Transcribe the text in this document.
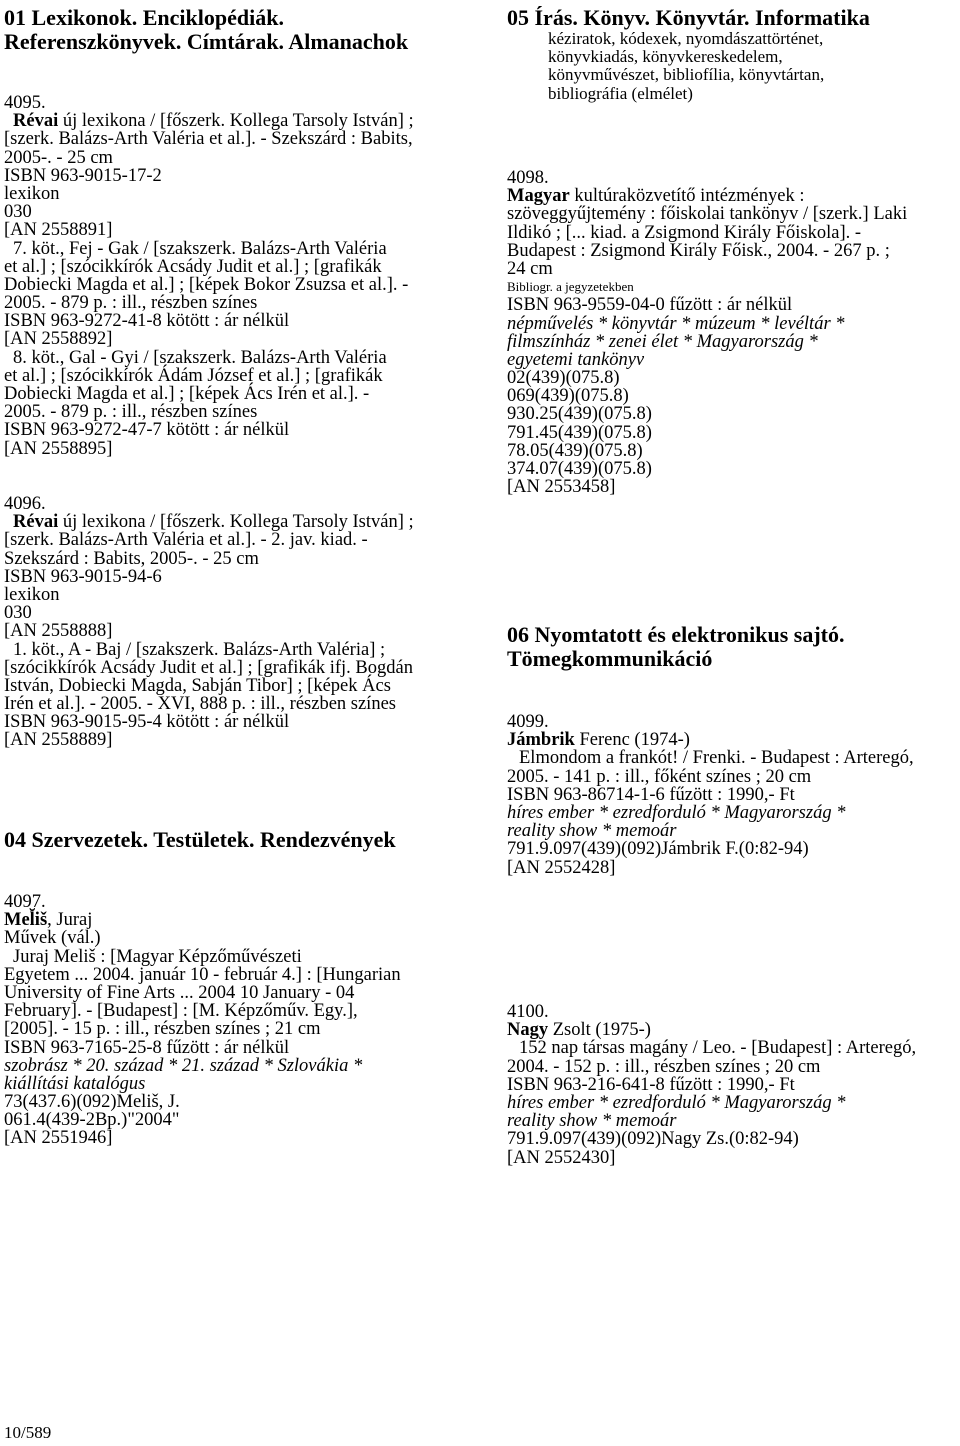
01 Lexikonok. Enciklopédiák.
Referenszkönyvek. Címtárak. Almanachok
4095.
Révai új lexikona / [főszerk. Kollega Tarsoly István] ;
[szerk. Balázs-Arth Valéria et al.]. - Szekszárd : Babits,
2005-. - 25 cm
ISBN 963-9015-17-2
lexikon
030
[AN 2558891]
7. köt., Fej - Gak / [szakszerk. Balázs-Arth Valéria
et al.] ; [szócikkírók Acsády Judit et al.] ; [grafikák
Dobiecki Magda et al.] ; [képek Bokor Zsuzsa et al.]. -
2005. - 879 p. : ill., részben színes
ISBN 963-9272-41-8 kötött : ár nélkül
[AN 2558892]
8. köt., Gal - Gyi / [szakszerk. Balázs-Arth Valéria
et al.] ; [szócikkírók Ádám József et al.] ; [grafikák
Dobiecki Magda et al.] ; [képek Ács Irén et al.]. -
2005. - 879 p. : ill., részben színes
ISBN 963-9272-47-7 kötött : ár nélkül
[AN 2558895]
4096.
Révai új lexikona / [főszerk. Kollega Tarsoly István] ;
[szerk. Balázs-Arth Valéria et al.]. - 2. jav. kiad. -
Szekszárd : Babits, 2005-. - 25 cm
ISBN 963-9015-94-6
lexikon
030
[AN 2558888]
1. köt., A - Baj / [szakszerk. Balázs-Arth Valéria] ;
[szócikkírók Acsády Judit et al.] ; [grafikák ifj. Bogdán
István, Dobiecki Magda, Sabján Tibor] ; [képek Ács
Irén et al.]. - 2005. - XVI, 888 p. : ill., részben színes
ISBN 963-9015-95-4 kötött : ár nélkül
[AN 2558889]
04 Szervezetek. Testületek. Rendezvények
4097.
Mel̆iš, Juraj
Művek (vál.)
Juraj Meliš : [Magyar Képzőművészeti
Egyetem ... 2004. január 10 - február 4.] : [Hungarian
University of Fine Arts ... 2004 10 January - 04
February]. - [Budapest] : [M. Képzőműv. Egy.],
[2005]. - 15 p. : ill., részben színes ; 21 cm
ISBN 963-7165-25-8 fűzött : ár nélkül
szobrász * 20. század * 21. század * Szlovákia *
kiállítási katalógus
73(437.6)(092)Meliš, J.
061.4(439-2Bp.)"2004"
[AN 2551946]
05 Írás. Könyv. Könyvtár. Informatika
kéziratok, kódexek, nyomdászattörténet,
könyvkiadás, könyvkereskedelem,
könyvművészet, bibliofília, könyvtártan,
bibliográfia (elmélet)
4098.
Magyar kultúraközvetítő intézmények :
szöveggyűjtemény : főiskolai tankönyv / [szerk.] Laki
Ildikó ; [... kiad. a Zsigmond Király Főiskola]. -
Budapest : Zsigmond Király Főisk., 2004. - 267 p. ;
24 cm
Bibliogr. a jegyzetekben
ISBN 963-9559-04-0 fűzött : ár nélkül
népművelés * könyvtár * múzeum * levéltár *
filmszínház * zenei élet * Magyarország *
egyetemi tankönyv
02(439)(075.8)
069(439)(075.8)
930.25(439)(075.8)
791.45(439)(075.8)
78.05(439)(075.8)
374.07(439)(075.8)
[AN 2553458]
06 Nyomtatott és elektronikus sajtó.
Tömegkommunikáció
4099.
Jámbrik Ferenc (1974-)
Elmondom a frankót! / Frenki. - Budapest : Arteregó,
2005. - 141 p. : ill., főként színes ; 20 cm
ISBN 963-86714-1-6 fűzött : 1990,- Ft
híres ember * ezredforduló * Magyarország *
reality show * memoár
791.9.097(439)(092)Jámbrik F.(0:82-94)
[AN 2552428]
4100.
Nagy Zsolt (1975-)
152 nap társas magány / Leo. - [Budapest] : Arteregó,
2004. - 152 p. : ill., részben színes ; 20 cm
ISBN 963-216-641-8 fűzött : 1990,- Ft
híres ember * ezredforduló * Magyarország *
reality show * memoár
791.9.097(439)(092)Nagy Zs.(0:82-94)
[AN 2552430]
10/589
